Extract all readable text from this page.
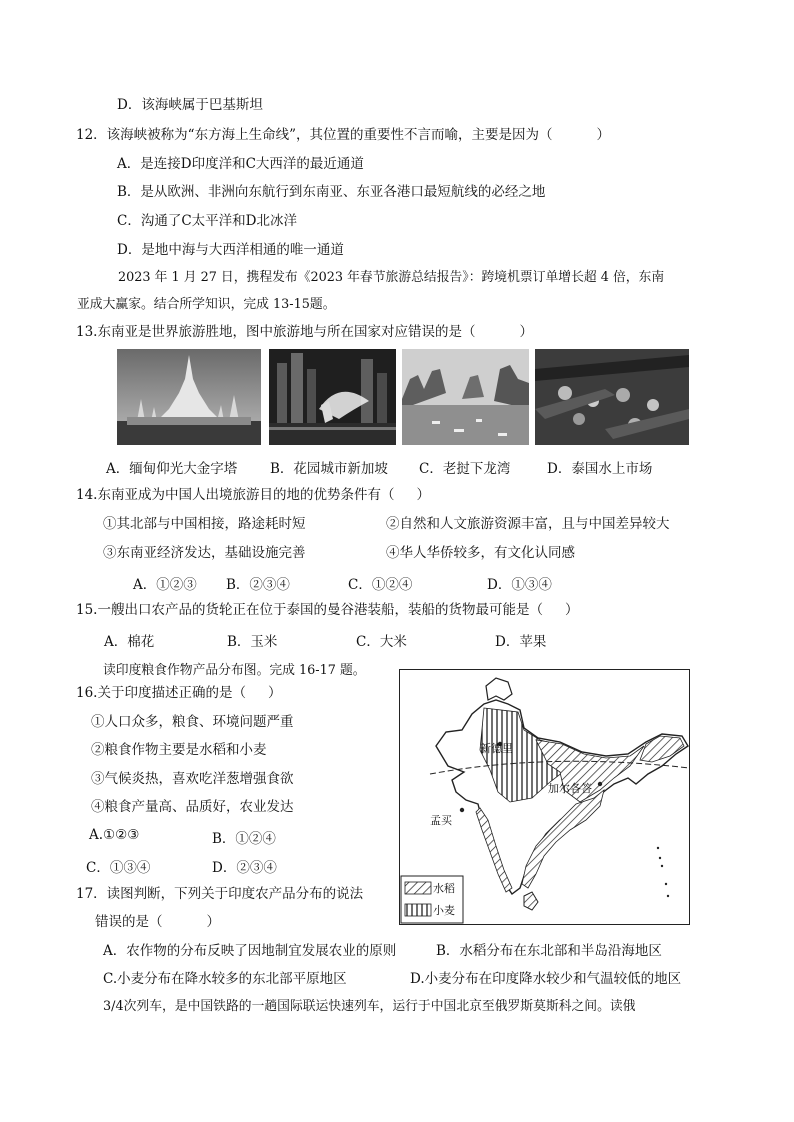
D．该海峡属于巴基斯坦
12．该海峡被称为“东方海上生命线”，其位置的重要性不言而喻，主要是因为（	）
A．是连接D印度洋和C大西洋的最近通道
B．是从欧洲、非洲向东航行到东南亚、东亚各港口最短航线的必经之地
C．沟通了C太平洋和D北冰洋
D．是地中海与大西洋相通的唯一通道
2023 年 1 月 27 日，携程发布《2023 年春节旅游总结报告》：跨境机票订单增长超 4 倍，东南
亚成大赢家。结合所学知识，完成 13-15题。
13.东南亚是世界旅游胜地，图中旅游地与所在国家对应错误的是（	）
A．缅甸仰光大金字塔 B．花园城市新加坡 C．老挝下龙湾	D．泰国水上市场
14.东南亚成为中国人出境旅游目的地的优势条件有（ ）
①其北部与中国相接，路途耗时短	②自然和人文旅游资源丰富，且与中国差异较大
③东南亚经济发达，基础设施完善	④华人华侨较多，有文化认同感
A．①②③ B．②③④	C．①②④	D．①③④
15.一艘出口农产品的货轮正在位于泰国的曼谷港装船，装船的货物最可能是（ ）
A．棉花	B．玉米	C．大米	D．苹果
读印度粮食作物产品分布图。完成 16-17 题。
16.关于印度描述正确的是（ ）
①人口众多，粮食、环境问题严重
②粮食作物主要是水稻和小麦
③气候炎热，喜欢吃洋葱增强食欲
④粮食产量高、品质好，农业发达
A.①②③	B．①②④
C．①③④	D．②③④
新德里
加尔各答
孟买
水稻
小麦
17．读图判断，下列关于印度农产品分布的说法
错误的是（	）
A．农作物的分布反映了因地制宜发展农业的原则	B．水稻分布在东北部和半岛沿海地区
C.小麦分布在降水较多的东北部平原地区	D.小麦分布在印度降水较少和气温较低的地区
3/4次列车，是中国铁路的一趟国际联运快速列车，运行于中国北京至俄罗斯莫斯科之间。读俄
